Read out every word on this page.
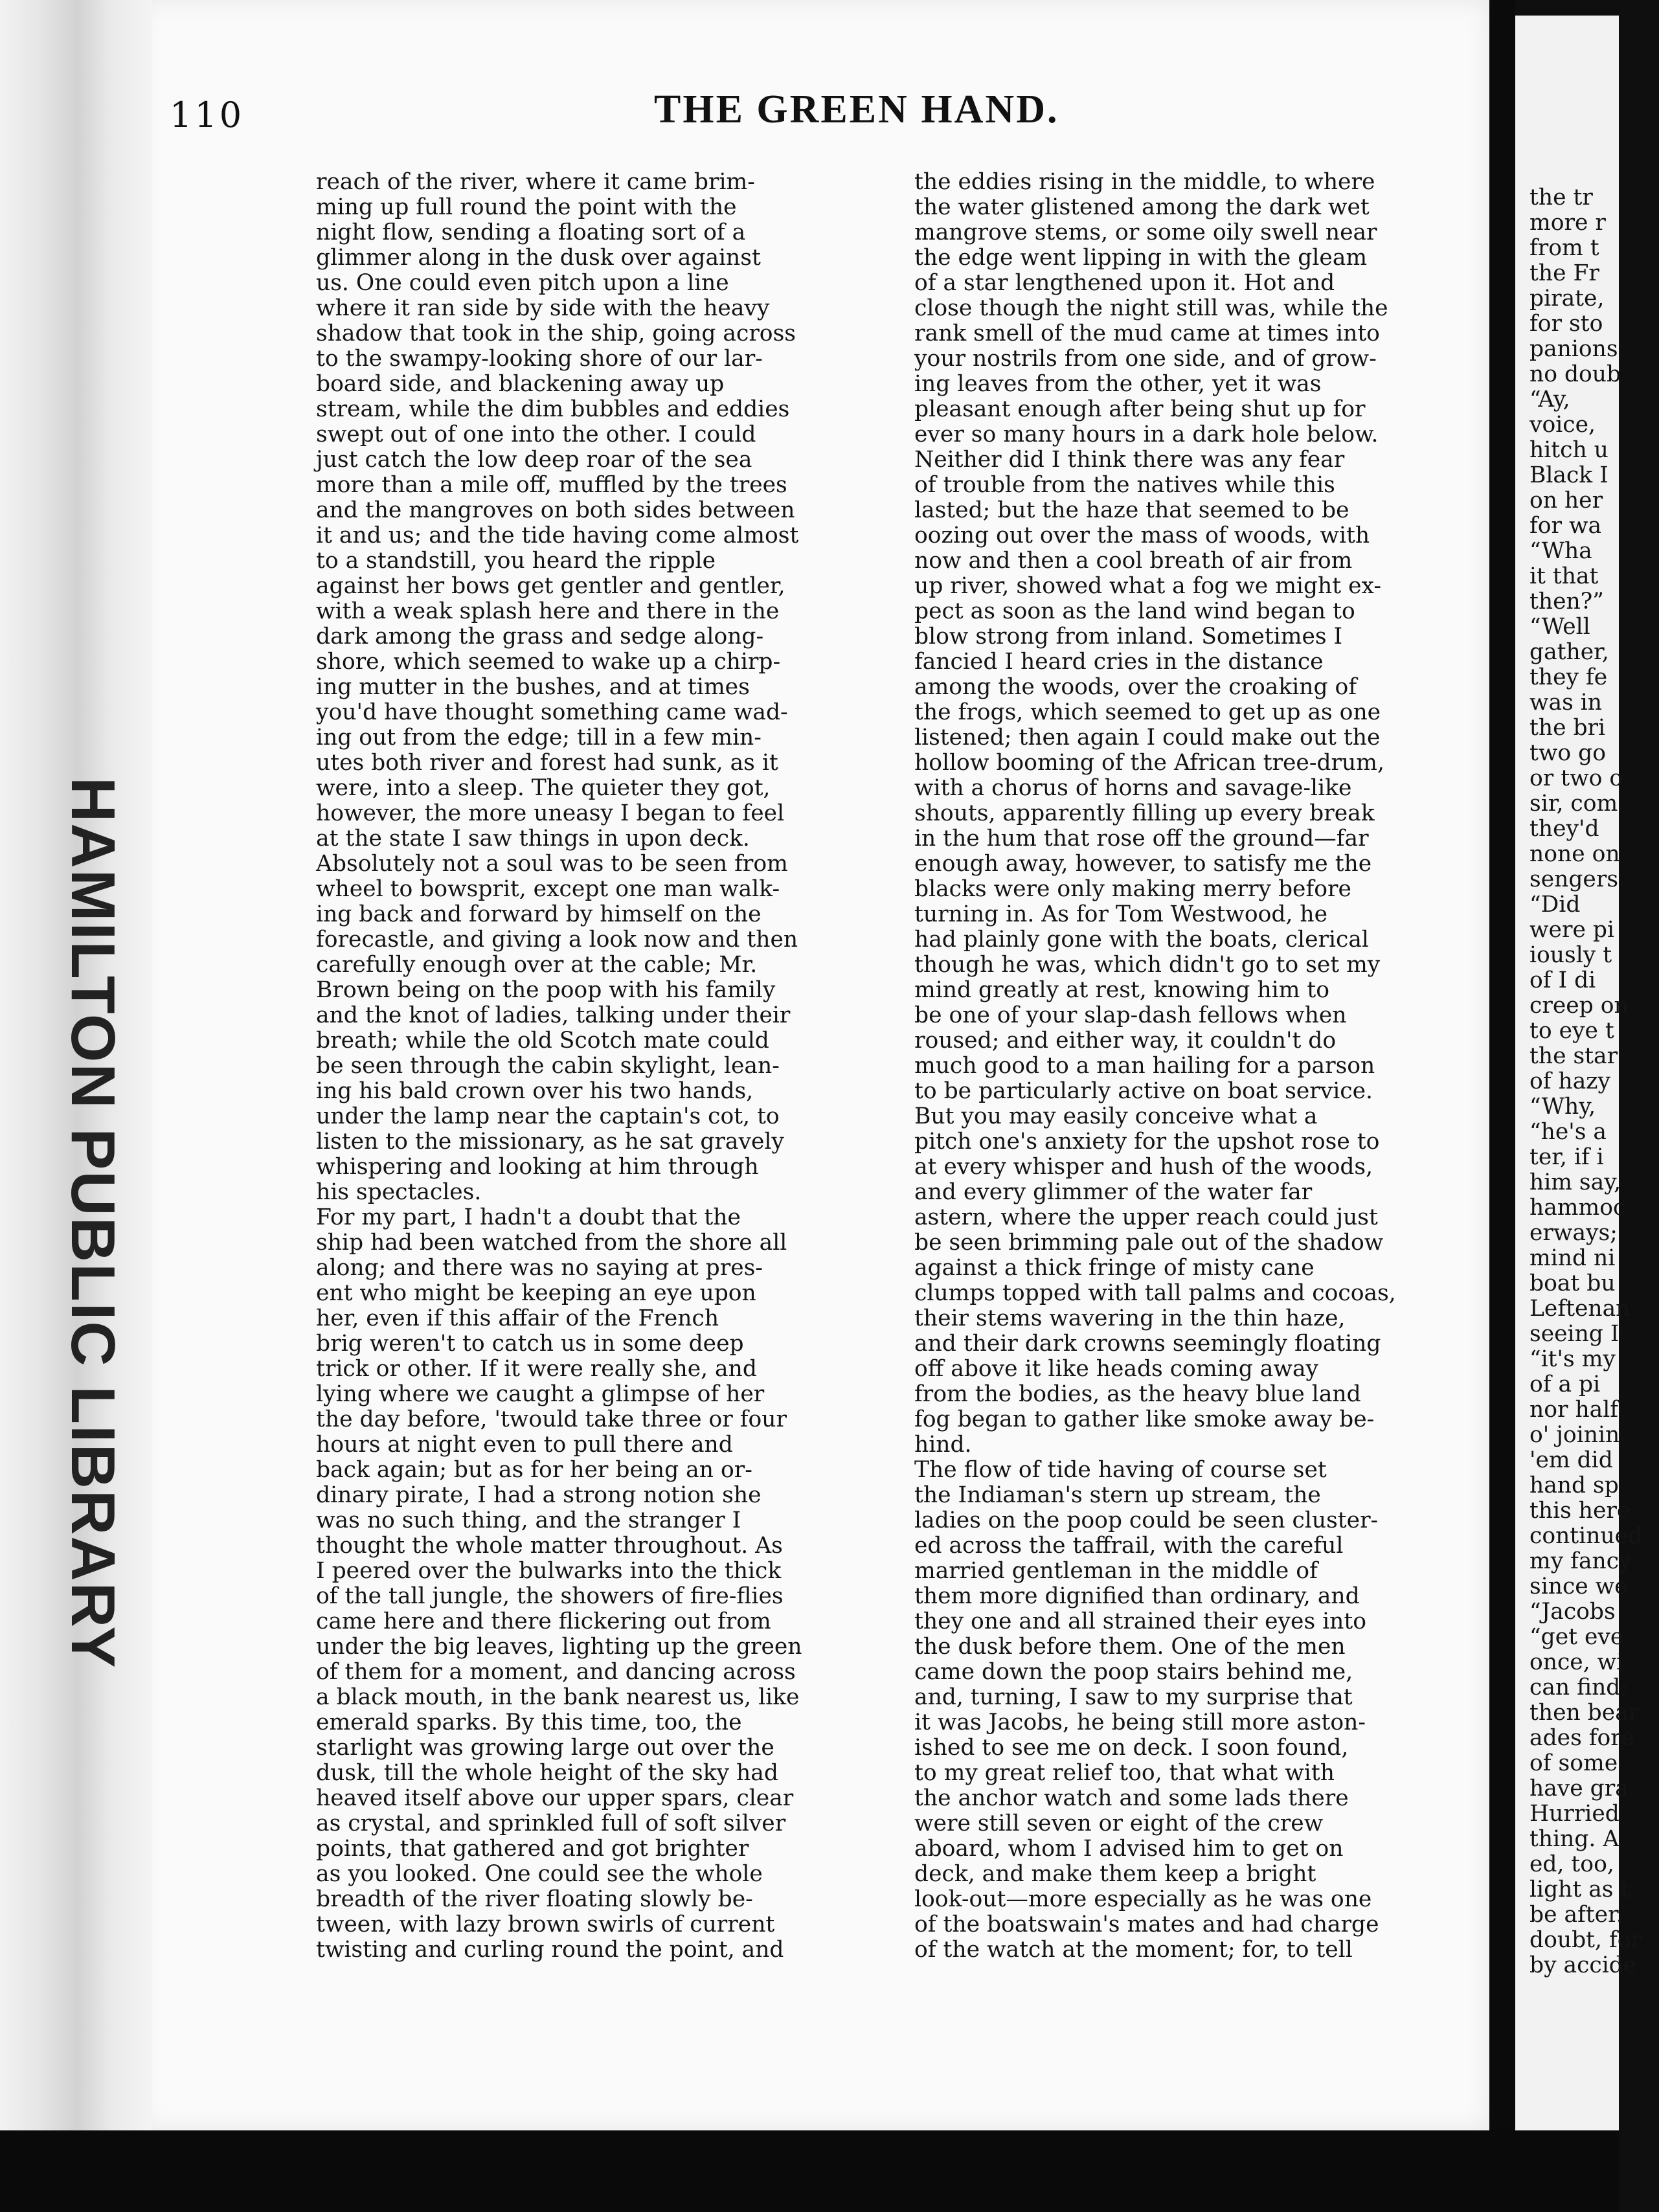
HAMILTON PUBLIC LIBRARY
110	THE GREEN HAND.
reach of the river, where it came brim-
ming up full round the point with the
night flow, sending a floating sort of a
glimmer along in the dusk over against
us. One could even pitch upon a line
where it ran side by side with the heavy
shadow that took in the ship, going across
to the swampy-looking shore of our lar-
board side, and blackening away up
stream, while the dim bubbles and eddies
swept out of one into the other. I could
just catch the low deep roar of the sea
more than a mile off, muffled by the trees
and the mangroves on both sides between
it and us; and the tide having come almost
to a standstill, you heard the ripple
against her bows get gentler and gentler,
with a weak splash here and there in the
dark among the grass and sedge along-
shore, which seemed to wake up a chirp-
ing mutter in the bushes, and at times
you'd have thought something came wad-
ing out from the edge; till in a few min-
utes both river and forest had sunk, as it
were, into a sleep. The quieter they got,
however, the more uneasy I began to feel
at the state I saw things in upon deck.
Absolutely not a soul was to be seen from
wheel to bowsprit, except one man walk-
ing back and forward by himself on the
forecastle, and giving a look now and then
carefully enough over at the cable; Mr.
Brown being on the poop with his family
and the knot of ladies, talking under their
breath; while the old Scotch mate could
be seen through the cabin skylight, lean-
ing his bald crown over his two hands,
under the lamp near the captain's cot, to
listen to the missionary, as he sat gravely
whispering and looking at him through
his spectacles.
For my part, I hadn't a doubt that the
ship had been watched from the shore all
along; and there was no saying at pres-
ent who might be keeping an eye upon
her, even if this affair of the French
brig weren't to catch us in some deep
trick or other. If it were really she, and
lying where we caught a glimpse of her
the day before, 'twould take three or four
hours at night even to pull there and
back again; but as for her being an or-
dinary pirate, I had a strong notion she
was no such thing, and the stranger I
thought the whole matter throughout. As
I peered over the bulwarks into the thick
of the tall jungle, the showers of fire-flies
came here and there flickering out from
under the big leaves, lighting up the green
of them for a moment, and dancing across
a black mouth, in the bank nearest us, like
emerald sparks. By this time, too, the
starlight was growing large out over the
dusk, till the whole height of the sky had
heaved itself above our upper spars, clear
as crystal, and sprinkled full of soft silver
points, that gathered and got brighter
as you looked. One could see the whole
breadth of the river floating slowly be-
tween, with lazy brown swirls of current
twisting and curling round the point, and
the eddies rising in the middle, to where
the water glistened among the dark wet
mangrove stems, or some oily swell near
the edge went lipping in with the gleam
of a star lengthened upon it. Hot and
close though the night still was, while the
rank smell of the mud came at times into
your nostrils from one side, and of grow-
ing leaves from the other, yet it was
pleasant enough after being shut up for
ever so many hours in a dark hole below.
Neither did I think there was any fear
of trouble from the natives while this
lasted; but the haze that seemed to be
oozing out over the mass of woods, with
now and then a cool breath of air from
up river, showed what a fog we might ex-
pect as soon as the land wind began to
blow strong from inland. Sometimes I
fancied I heard cries in the distance
among the woods, over the croaking of
the frogs, which seemed to get up as one
listened; then again I could make out the
hollow booming of the African tree-drum,
with a chorus of horns and savage-like
shouts, apparently filling up every break
in the hum that rose off the ground—far
enough away, however, to satisfy me the
blacks were only making merry before
turning in. As for Tom Westwood, he
had plainly gone with the boats, clerical
though he was, which didn't go to set my
mind greatly at rest, knowing him to
be one of your slap-dash fellows when
roused; and either way, it couldn't do
much good to a man hailing for a parson
to be particularly active on boat service.
But you may easily conceive what a
pitch one's anxiety for the upshot rose to
at every whisper and hush of the woods,
and every glimmer of the water far
astern, where the upper reach could just
be seen brimming pale out of the shadow
against a thick fringe of misty cane
clumps topped with tall palms and cocoas,
their stems wavering in the thin haze,
and their dark crowns seemingly floating
off above it like heads coming away
from the bodies, as the heavy blue land
fog began to gather like smoke away be-
hind.
The flow of tide having of course set
the Indiaman's stern up stream, the
ladies on the poop could be seen cluster-
ed across the taffrail, with the careful
married gentleman in the middle of
them more dignified than ordinary, and
they one and all strained their eyes into
the dusk before them. One of the men
came down the poop stairs behind me,
and, turning, I saw to my surprise that
it was Jacobs, he being still more aston-
ished to see me on deck. I soon found,
to my great relief too, that what with
the anchor watch and some lads there
were still seven or eight of the crew
aboard, whom I advised him to get on
deck, and make them keep a bright
look-out—more especially as he was one
of the boatswain's mates and had charge
of the watch at the moment; for, to tell
the tr
more r
from t
the Fr
pirate,
for sto
panions
no doub
“Ay,
voice,
hitch u
Black I
on her
for wa
“Wha
it that
then?”
“Well
gather,
they fe
was in
the bri
two go
or two o
sir, com
they'd
none on
sengers
“Did
were pi
iously t
of I di
creep on
to eye t
the star
of hazy
“Why,
“he's a
ter, if i
him say,
hammoc
erways;
mind ni
boat bu
Leftenan
seeing I
“it's my
of a pi
nor half
o' joinin
'em did
hand sp
this here
continued
my fancy
since we
“Jacobs
“get eve
once, wi
can find;
then bear
ades fore
of some
have gra
Hurried
thing. A
ed, too,
light as t
be after.
doubt, for
by accide
